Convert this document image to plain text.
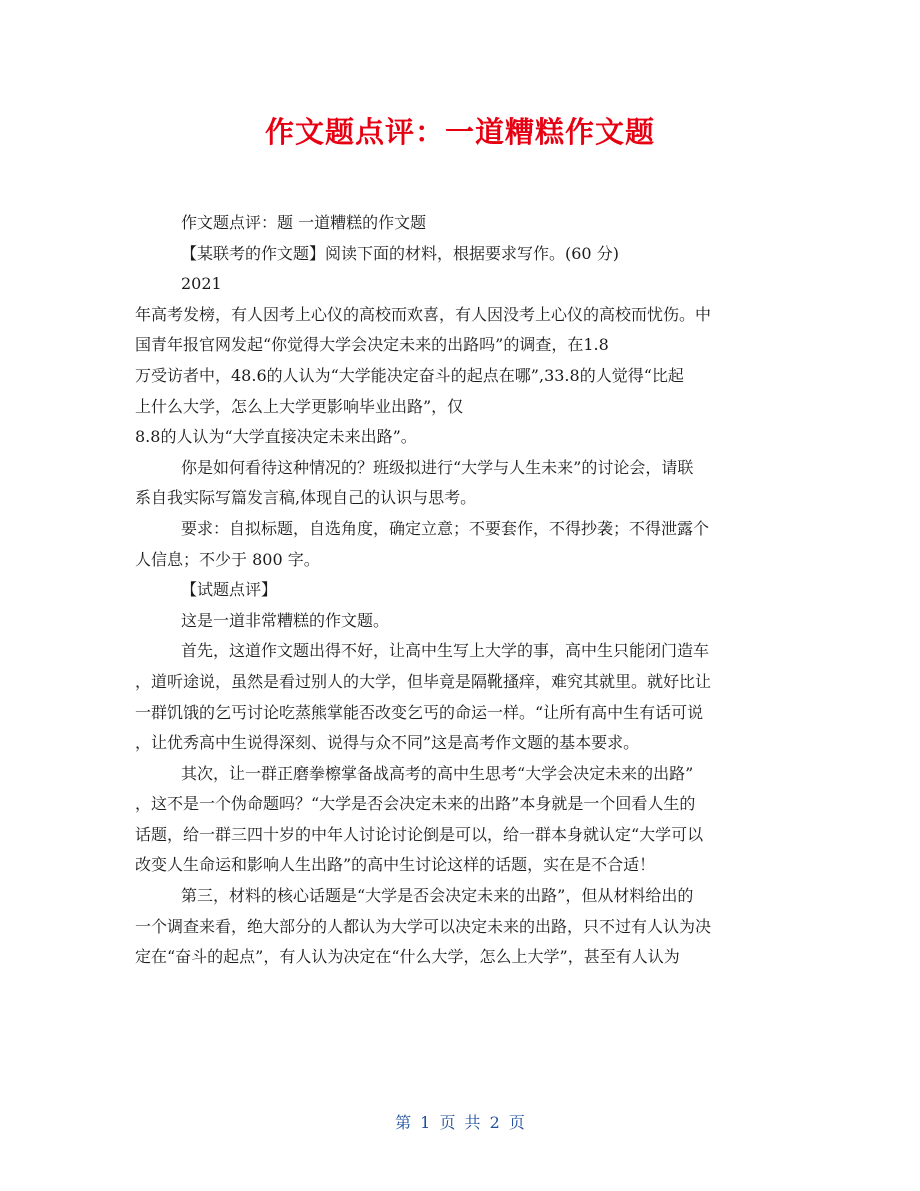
作文题点评：一道糟糕作文题

作文题点评：题 一道糟糕的作文题

【某联考的作文题】阅读下面的材料，根据要求写作。(60 分)

2021

年高考发榜，有人因考上心仪的高校而欢喜，有人因没考上心仪的高校而忧伤。中

国青年报官网发起“你觉得大学会决定未来的出路吗”的调查，在1.8

万受访者中，48.6的人认为“大学能决定奋斗的起点在哪”,33.8的人觉得“比起

上什么大学，怎么上大学更影响毕业出路”，仅

8.8的人认为“大学直接决定未来出路”。

你是如何看待这种情况的？班级拟进行“大学与人生未来”的讨论会，请联

系自我实际写篇发言稿,体现自己的认识与思考。

要求：自拟标题，自选角度，确定立意；不要套作，不得抄袭；不得泄露个

人信息；不少于 800 字。

【试题点评】

这是一道非常糟糕的作文题。

首先，这道作文题出得不好，让高中生写上大学的事，高中生只能闭门造车

，道听途说，虽然是看过别人的大学，但毕竟是隔靴搔痒，难究其就里。就好比让

一群饥饿的乞丐讨论吃蒸熊掌能否改变乞丐的命运一样。“让所有高中生有话可说

，让优秀高中生说得深刻、说得与众不同”这是高考作文题的基本要求。

其次，让一群正磨拳檫掌备战高考的高中生思考“大学会决定未来的出路”

，这不是一个伪命题吗？“大学是否会决定未来的出路”本身就是一个回看人生的

话题，给一群三四十岁的中年人讨论讨论倒是可以，给一群本身就认定“大学可以

改变人生命运和影响人生出路”的高中生讨论这样的话题，实在是不合适！

第三，材料的核心话题是“大学是否会决定未来的出路”，但从材料给出的

一个调查来看，绝大部分的人都认为大学可以决定未来的出路，只不过有人认为决

定在“奋斗的起点”，有人认为决定在“什么大学，怎么上大学”，甚至有人认为

第 1 页 共 2 页
